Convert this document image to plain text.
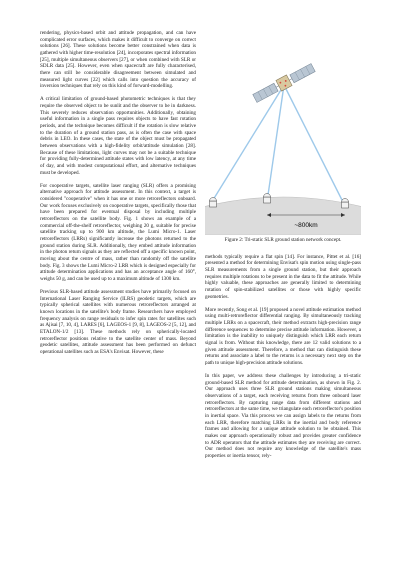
rendering, physics-based orbit and attitude propagation, and can have complicated error surfaces, which makes it difficult to converge on correct solutions [26]. These solutions become better constrained when data is gathered with higher time-resolution [24], incorporates spectral information [25], multiple simultaneous observers [27], or when combined with SLR or SDLR data [25]. However, even when spacecraft are fully characterised, there can still be considerable disagreement between simulated and measured light curves [22] which calls into question the accuracy of inversion techniques that rely on this kind of forward-modelling.

A critical limitation of ground-based photometric techniques is that they require the observed object to be sunlit and the observer to be in darkness. This severely reduces observation opportunities. Additionally, obtaining useful information in a single pass requires objects to have fast rotation periods, and the technique becomes difficult if the rotation is slow relative to the duration of a ground station pass, as is often the case with space debris in LEO. In these cases, the state of the object must be propagated between observations with a high-fidelity orbit/attitude simulation [28]. Because of these limitations, light curves may not be a suitable technique for providing fully-determined attitude states with low latency, at any time of day, and with modest computational effort, and alternative techniques must be developed.

For cooperative targets, satellite laser ranging (SLR) offers a promising alternative approach for attitude assessment. In this context, a target is considered "cooperative" when it has one or more retroreflectors onboard. Our work focuses exclusively on cooperative targets, specifically those that have been prepared for eventual disposal by including multiple retroreflectors on the satellite body. Fig. 1 shows an example of a commercial off-the-shelf retroreflector, weighing 20 g, suitable for precise satellite tracking up to 900 km altitude, the Lumi Micro-1. Laser retroreflectors (LRRs) significantly increase the photons returned to the ground station during SLR. Additionally, they embed attitude information in the photon return signals as they are reflected off a specific known point, moving about the centre of mass, rather than randomly off the satellite body. Fig. 3 shows the Lumi Micro-2 LRR which is designed especially for attitude determination applications and has an acceptance angle of 160°, weighs 50 g, and can be used up to a maximum altitude of 1300 km.

Previous SLR-based attitude assessment studies have primarily focused on International Laser Ranging Service (ILRS) geodetic targets, which are typically spherical satellites with numerous retroreflectors arranged at known locations in the satellite's body frame. Researchers have employed frequency analysis on range residuals to infer spin rates for satellites such as Ajisai [7, 10, 4], LARES [6], LAGEOS-1 [9, 8], LAGEOS-2 [5, 12], and ETALON-1/2 [13]. These methods rely on spherically-located retroreflector positions relative to the satellite center of mass. Beyond geodetic satellites, attitude assessment has been performed on defunct operational satellites such as ESA's Envisat. However, these

~800km

Figure 2: Tri-static SLR ground station network concept.

methods typically require a flat spin [14]. For instance, Pittet et al. [16] presented a method for determining Envisat's spin motion using single-pass SLR measurements from a single ground station, but their approach requires multiple rotations to be present in the data to fit the attitude. While highly valuable, these approaches are generally limited to determining rotation of spin-stabilized satellites or those with highly specific geometries.

More recently, Song et al. [19] proposed a novel attitude estimation method using multi-retroreflector differential ranging. By simultaneously tracking multiple LRRs on a spacecraft, their method extracts high-precision range difference sequences to determine precise attitude information. However, a limitation is the inability to uniquely distinguish which LRR each return signal is from. Without this knowledge, there are 12 valid solutions to a given attitude assessment. Therefore, a method that can distinguish these returns and associate a label to the returns is a necessary next step on the path to unique high-precision attitude solutions.

In this paper, we address these challenges by introducing a tri-static ground-based SLR method for attitude determination, as shown in Fig. 2. Our approach uses three SLR ground stations making simultaneous observations of a target, each receiving returns from three onboard laser retroreflectors. By capturing range data from different stations and retroreflectors at the same time, we triangulate each retroreflector's position in inertial space. Via this process we can assign labels to the returns from each LRR, therefore matching LRRs in the inertial and body reference frames and allowing for a unique attitude solution to be obtained. This makes our approach operationally robust and provides greater confidence to ADR operators that the attitude estimates they are receiving are correct. Our method does not require any knowledge of the satellite's mass properties or inertia tensor, rely-
